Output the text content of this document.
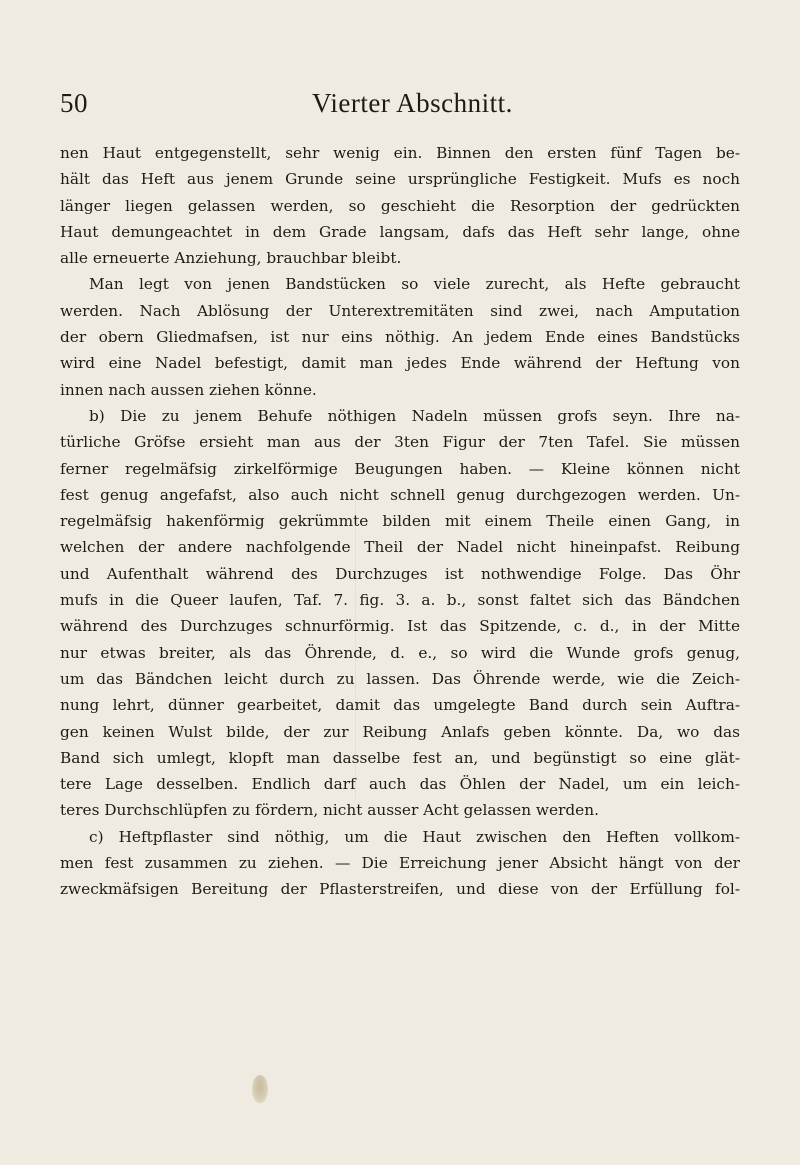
50	Vierter Abschnitt.
nen Haut entgegenstellt, sehr wenig ein. Binnen den ersten fünf Tagen be-
hält das Heft aus jenem Grunde seine ursprüngliche Festigkeit. Mufs es noch
länger liegen gelassen werden, so geschieht die Resorption der gedrückten
Haut demungeachtet in dem Grade langsam, dafs das Heft sehr lange, ohne
alle erneuerte Anziehung, brauchbar bleibt.
Man legt von jenen Bandstücken so viele zurecht, als Hefte gebraucht
werden. Nach Ablösung der Unterextremitäten sind zwei, nach Amputation
der obern Gliedmafsen, ist nur eins nöthig. An jedem Ende eines Bandstücks
wird eine Nadel befestigt, damit man jedes Ende während der Heftung von
innen nach aussen ziehen könne.
b) Die zu jenem Behufe nöthigen Nadeln müssen grofs seyn. Ihre na-
türliche Gröfse ersieht man aus der 3ten Figur der 7ten Tafel. Sie müssen
ferner regelmäfsig zirkelförmige Beugungen haben. — Kleine können nicht
fest genug angefafst, also auch nicht schnell genug durchgezogen werden. Un-
regelmäfsig hakenförmig gekrümmte bilden mit einem Theile einen Gang, in
welchen der andere nachfolgende Theil der Nadel nicht hineinpafst. Reibung
und Aufenthalt während des Durchzuges ist nothwendige Folge. Das Öhr
mufs in die Queer laufen, Taf. 7. fig. 3. a. b., sonst faltet sich das Bändchen
während des Durchzuges schnurförmig. Ist das Spitzende, c. d., in der Mitte
nur etwas breiter, als das Öhrende, d. e., so wird die Wunde grofs genug,
um das Bändchen leicht durch zu lassen. Das Öhrende werde, wie die Zeich-
nung lehrt, dünner gearbeitet, damit das umgelegte Band durch sein Auftra-
gen keinen Wulst bilde, der zur Reibung Anlafs geben könnte. Da, wo das
Band sich umlegt, klopft man dasselbe fest an, und begünstigt so eine glät-
tere Lage desselben. Endlich darf auch das Öhlen der Nadel, um ein leich-
teres Durchschlüpfen zu fördern, nicht ausser Acht gelassen werden.
c) Heftpflaster sind nöthig, um die Haut zwischen den Heften vollkom-
men fest zusammen zu ziehen. — Die Erreichung jener Absicht hängt von der
zweckmäfsigen Bereitung der Pflasterstreifen, und diese von der Erfüllung fol-
